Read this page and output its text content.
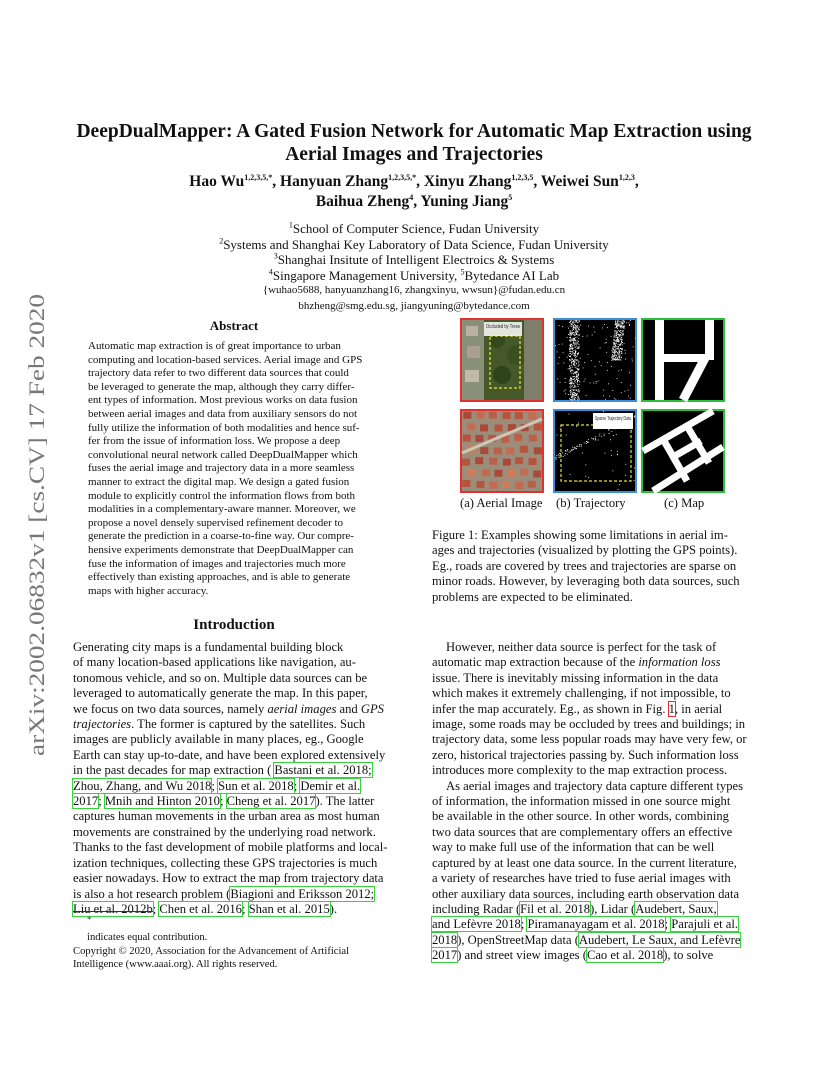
arXiv:2002.06832v1 [cs.CV] 17 Feb 2020
DeepDualMapper: A Gated Fusion Network for Automatic Map Extraction using
Aerial Images and Trajectories
Hao $Wu^{1,2,3,5,*}$, Hanyuan Zhang$^{1,2,3,5,*}$, Xinyu Zhang$^{1,2,3,5}$, Weiwei Sun$^{1,2,3}$,
Baihua Zheng$^4$, Yuning Jiang$^5$
$^1$School of Computer Science, Fudan University
$^2$Systems and Shanghai Key Laboratory of Data Science, Fudan University
$^3$Shanghai Insitute of Intelligent Electroics & Systems
$^4$Singapore Management University, $^5$Bytedance AI Lab
{wuhao5688, hanyuanzhang16, zhangxinyu, wwsun}@fudan.edu.cn
bhzheng@smg.edu.sg, jiangyuning@bytedance.com
Abstract
Automatic map extraction is of great importance to urban
computing and location-based services. Aerial image and GPS
trajectory data refer to two different data sources that could
be leveraged to generate the map, although they carry differ-
ent types of information. Most previous works on data fusion
between aerial images and data from auxiliary sensors do not
fully utilize the information of both modalities and hence suf-
fer from the issue of information loss. We propose a deep
convolutional neural network called DeepDualMapper which
fuses the aerial image and trajectory data in a more seamless
manner to extract the digital map. We design a gated fusion
module to explicitly control the information flows from both
modalities in a complementary-aware manner. Moreover, we
propose a novel densely supervised refinement decoder to
generate the prediction in a coarse-to-fine way. Our compre-
hensive experiments demonstrate that DeepDualMapper can
fuse the information of images and trajectories much more
effectively than existing approaches, and is able to generate
maps with higher accuracy.
Occluded by Trees
Sparse Trajectory Data
(a) Aerial Image (b) Trajectory	(c) Map
Figure 1: Examples showing some limitations in aerial im-
ages and trajectories (visualized by plotting the GPS points).
Eg., roads are covered by trees and trajectories are sparse on
minor roads. However, by leveraging both data sources, such
problems are expected to be eliminated.
Introduction
Generating city maps is a fundamental building block
of many location-based applications like navigation, au-
tonomous vehicle, and so on. Multiple data sources can be
leveraged to automatically generate the map. In this paper,
we focus on two data sources, namely aerial images and GPS
trajectories. The former is captured by the satellites. Such
images are publicly available in many places, eg., Google
Earth can stay up-to-date, and have been explored extensively
in the past decades for map extraction ( Bastani et al. 2018;
Zhou, Zhang, and Wu 2018; Sun et al. 2018; Demir et al.
2017; Mnih and Hinton 2010; Cheng et al. 2017). The latter
captures human movements in the urban area as most human
movements are constrained by the underlying road network.
Thanks to the fast development of mobile platforms and local-
ization techniques, collecting these GPS trajectories is much
easier nowadays. How to extract the map from trajectory data
is also a hot research problem (Biagioni and Eriksson 2012;
Liu et al. 2012b; Chen et al. 2016; Shan et al. 2015).
*
indicates equal contribution.
Copyright © 2020, Association for the Advancement of Artificial
Intelligence (www.aaai.org). All rights reserved.
However, neither data source is perfect for the task of
automatic map extraction because of the information loss
issue. There is inevitably missing information in the data
which makes it extremely challenging, if not impossible, to
infer the map accurately. Eg., as shown in Fig. 1, in aerial
image, some roads may be occluded by trees and buildings; in
trajectory data, some less popular roads may have very few, or
zero, historical trajectories passing by. Such information loss
introduces more complexity to the map extraction process.
As aerial images and trajectory data capture different types
of information, the information missed in one source might
be available in the other source. In other words, combining
two data sources that are complementary offers an effective
way to make full use of the information that can be well
captured by at least one data source. In the current literature,
a variety of researches have tried to fuse aerial images with
other auxiliary data sources, including earth observation data
including Radar (Fil et al. 2018), Lidar (Audebert, Saux,
and Lefèvre 2018; Piramanayagam et al. 2018; Parajuli et al.
2018), OpenStreetMap data (Audebert, Le Saux, and Lefèvre
2017) and street view images (Cao et al. 2018), to solve
